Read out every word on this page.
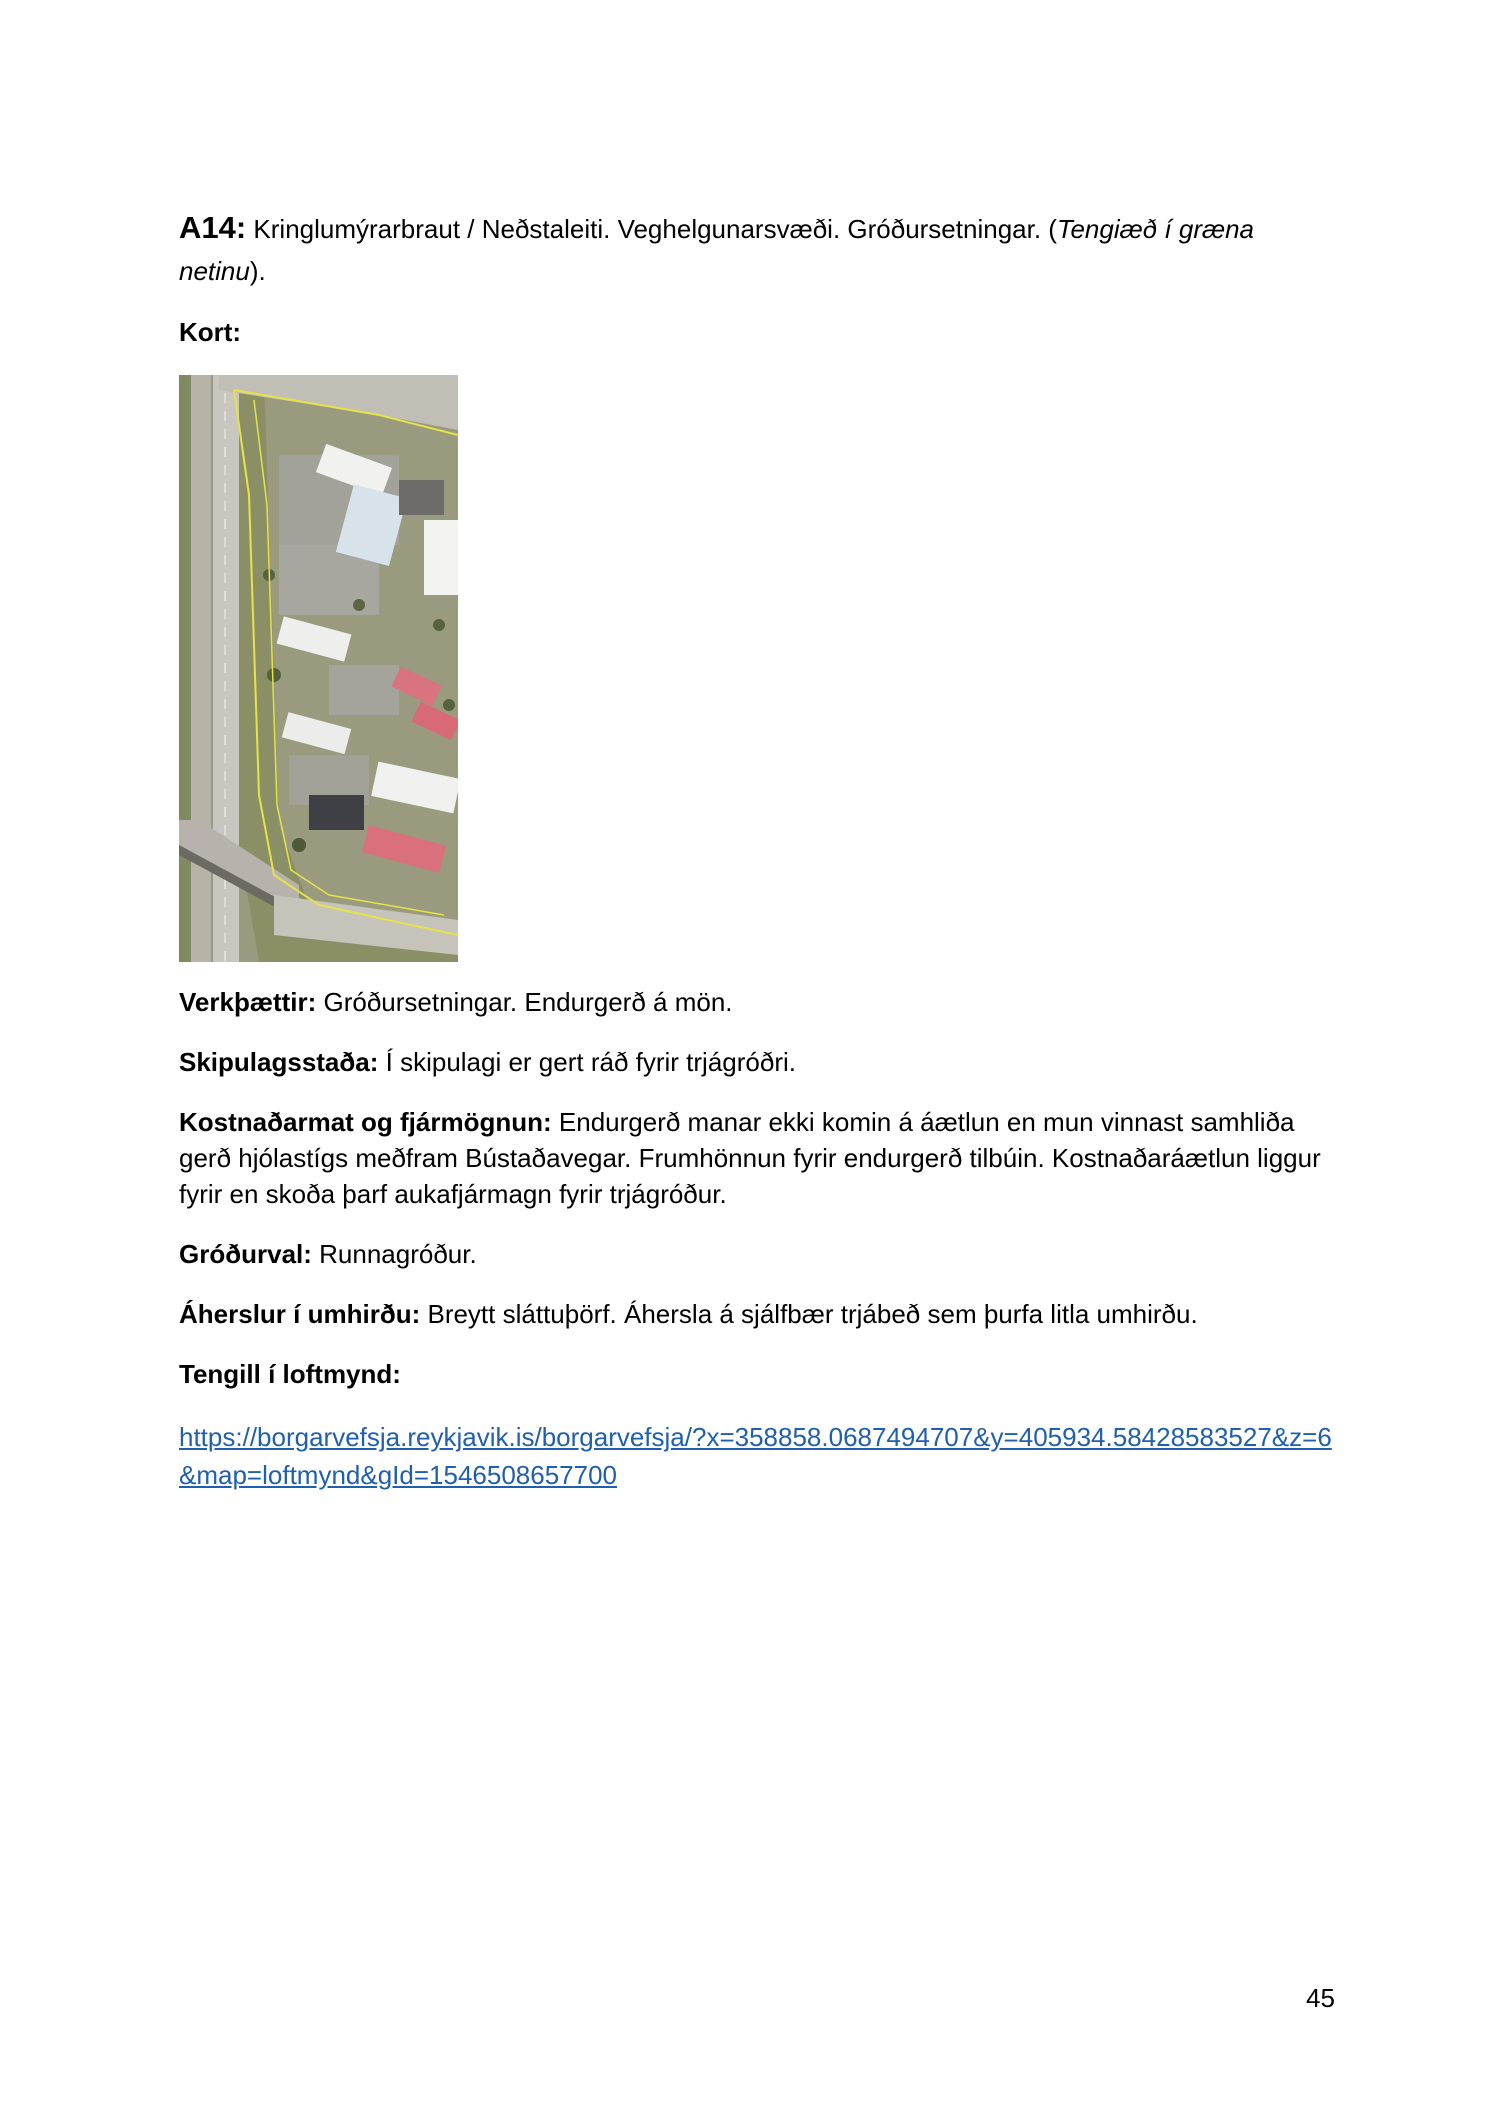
A14: Kringlumýrarbraut / Neðstaleiti. Veghelgunarsvæði. Gróðursetningar. (Tengiæð í græna netinu).

Kort:

Verkþættir: Gróðursetningar. Endurgerð á mön.

Skipulagsstaða: Í skipulagi er gert ráð fyrir trjágróðri.

Kostnaðarmat og fjármögnun: Endurgerð manar ekki komin á áætlun en mun vinnast samhliða gerð hjólastígs meðfram Bústaðavegar. Frumhönnun fyrir endurgerð tilbúin. Kostnaðaráætlun liggur fyrir en skoða þarf aukafjármagn fyrir trjágróður.

Gróðurval: Runnagróður.

Áherslur í umhirðu: Breytt sláttuþörf. Áhersla á sjálfbær trjábeð sem þurfa litla umhirðu.

Tengill í loftmynd:

https://borgarvefsja.reykjavik.is/borgarvefsja/?x=358858.0687494707&y=405934.58428583527&z=6&map=loftmynd&gId=1546508657700

45
